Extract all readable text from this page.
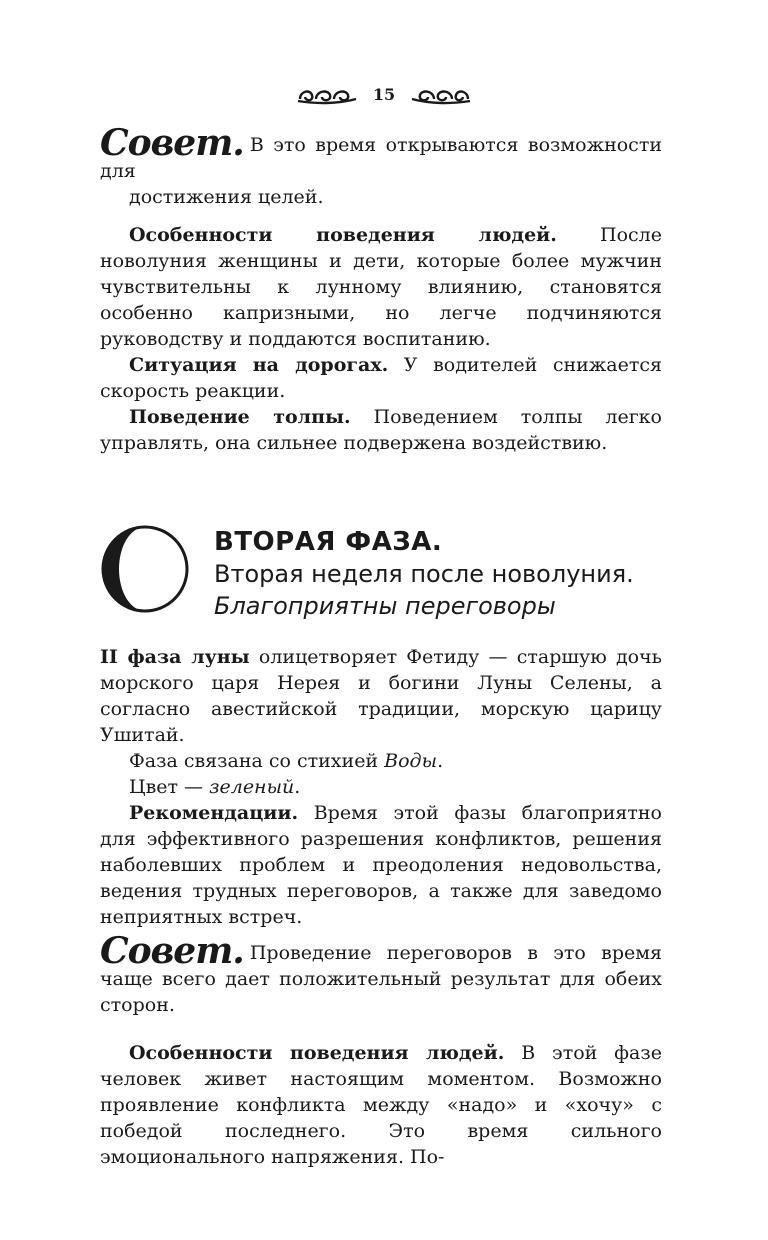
15

Совет. В это время открываются возможности для

достижения целей.

Особенности поведения людей. После новолуния женщины и дети, которые более мужчин чувствительны к лунному влиянию, становятся особенно капризными, но легче подчиняются руководству и поддаются воспитанию.

Ситуация на дорогах. У водителей снижается скорость реакции.

Поведение толпы. Поведением толпы легко управлять, она сильнее подвержена воздействию.

ВТОРАЯ ФАЗА.
Вторая неделя после новолуния.
Благоприятны переговоры

II фаза луны олицетворяет Фетиду — старшую дочь морского царя Нерея и богини Луны Селены, а согласно авестийской традиции, морскую царицу Ушитай.

Фаза связана со стихией Воды.

Цвет — зеленый.

Рекомендации. Время этой фазы благоприятно для эффективного разрешения конфликтов, решения наболевших проблем и преодоления недовольства, ведения трудных переговоров, а также для заведомо неприятных встреч.

Совет. Проведение переговоров в это время чаще всего дает положительный результат для обеих сторон.

Особенности поведения людей. В этой фазе человек живет настоящим моментом. Возможно проявление конфликта между «надо» и «хочу» с победой последнего. Это время сильного эмоционального напряжения. По-
